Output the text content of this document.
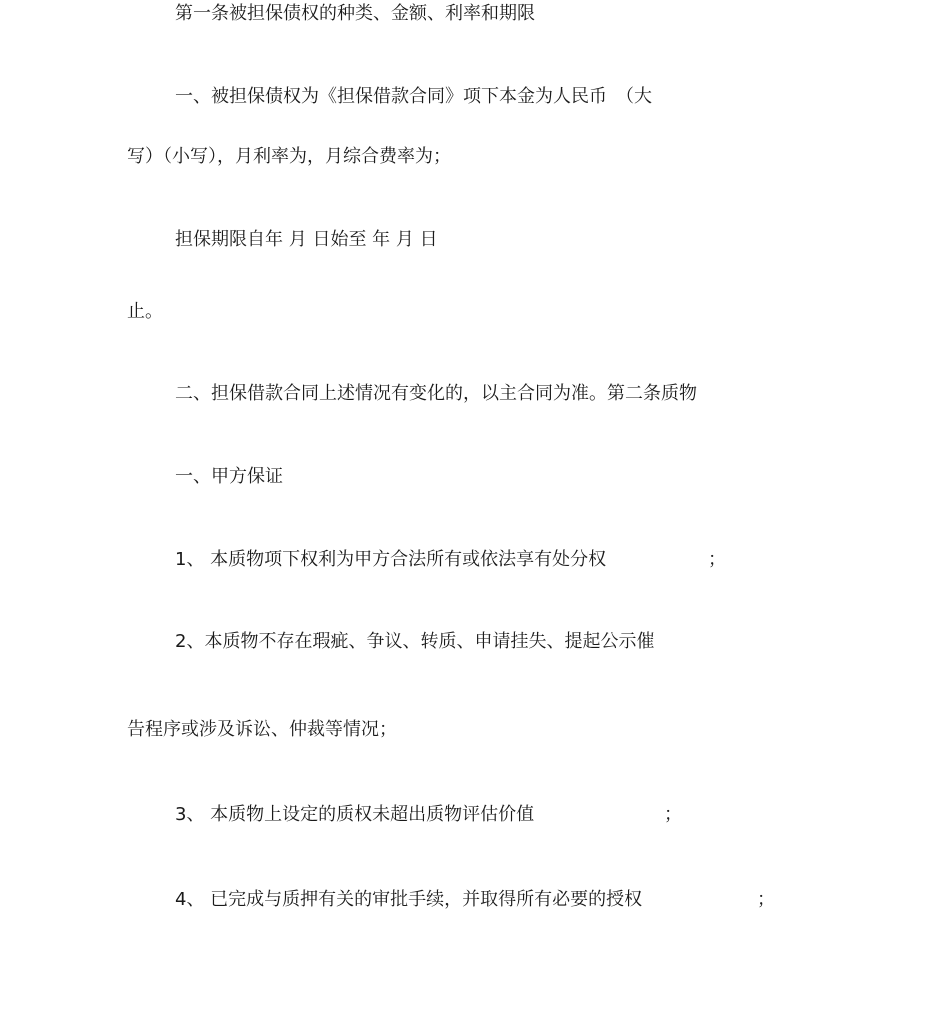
第一条被担保债权的种类、金额、利率和期限

一、被担保债权为《担保借款合同》项下本金为人民币　（大

写）（小写），月利率为，月综合费率为；

担保期限自年 月 日始至 年 月 日

止。

二、担保借款合同上述情况有变化的，以主合同为准。第二条质物

一、甲方保证

1、 本质物项下权利为甲方合法所有或依法享有处分权	；

2、本质物不存在瑕疵、争议、转质、申请挂失、提起公示催

告程序或涉及诉讼、仲裁等情况；

3、 本质物上设定的质权未超出质物评估价值	；

4、 已完成与质押有关的审批手续，并取得所有必要的授权	；
